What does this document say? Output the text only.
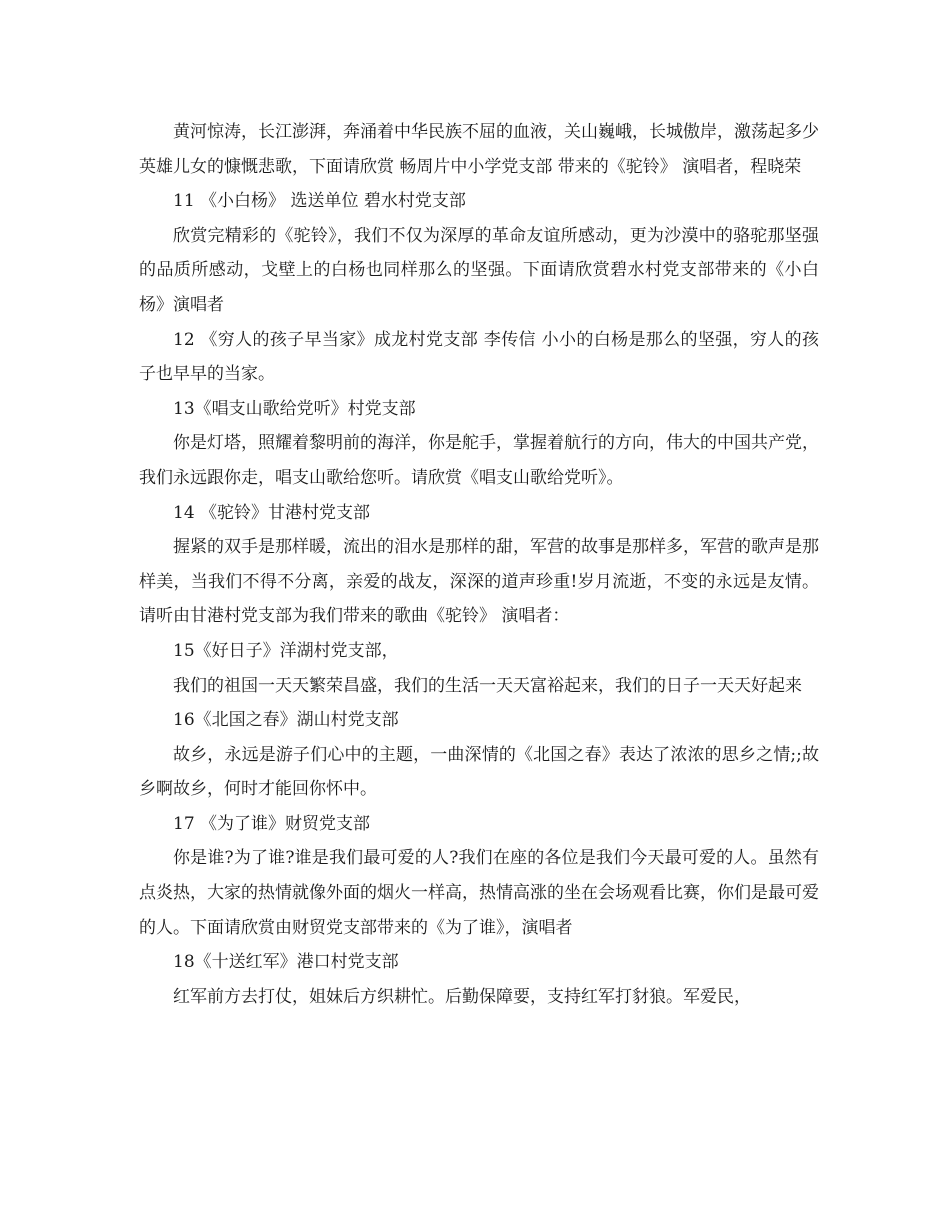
黄河惊涛，长江澎湃，奔涌着中华民族不屈的血液，关山巍峨，长城傲岸，激荡起多少英雄儿女的慷慨悲歌，下面请欣赏 畅周片中小学党支部 带来的《驼铃》 演唱者，程晓荣

11 《小白杨》 选送单位 碧水村党支部

欣赏完精彩的《驼铃》，我们不仅为深厚的革命友谊所感动，更为沙漠中的骆驼那坚强的品质所感动，戈壁上的白杨也同样那么的坚强。下面请欣赏碧水村党支部带来的《小白杨》演唱者

12 《穷人的孩子早当家》成龙村党支部 李传信 小小的白杨是那么的坚强，穷人的孩子也早早的当家。

13《唱支山歌给党听》村党支部

你是灯塔，照耀着黎明前的海洋，你是舵手，掌握着航行的方向，伟大的中国共产党，我们永远跟你走，唱支山歌给您听。请欣赏《唱支山歌给党听》。

14 《驼铃》甘港村党支部

握紧的双手是那样暖，流出的泪水是那样的甜，军营的故事是那样多，军营的歌声是那样美，当我们不得不分离，亲爱的战友，深深的道声珍重!岁月流逝，不变的永远是友情。请听由甘港村党支部为我们带来的歌曲《驼铃》 演唱者：

15《好日子》洋湖村党支部，

我们的祖国一天天繁荣昌盛，我们的生活一天天富裕起来，我们的日子一天天好起来

16《北国之春》湖山村党支部

故乡，永远是游子们心中的主题，一曲深情的《北国之春》表达了浓浓的思乡之情;;故乡啊故乡，何时才能回你怀中。

17 《为了谁》财贸党支部

你是谁?为了谁?谁是我们最可爱的人?我们在座的各位是我们今天最可爱的人。虽然有点炎热，大家的热情就像外面的烟火一样高，热情高涨的坐在会场观看比赛，你们是最可爱的人。下面请欣赏由财贸党支部带来的《为了谁》，演唱者

18《十送红军》港口村党支部

红军前方去打仗，姐妹后方织耕忙。后勤保障要，支持红军打豺狼。军爱民，
